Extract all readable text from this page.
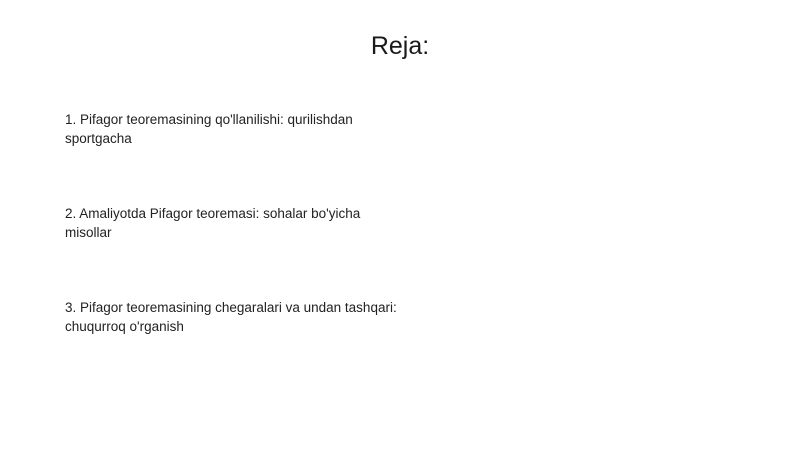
Reja:

1. Pifagor teoremasining qo'llanilishi: qurilishdan sportgacha

2. Amaliyotda Pifagor teoremasi: sohalar bo'yicha misollar

3. Pifagor teoremasining chegaralari va undan tashqari: chuqurroq o'rganish
